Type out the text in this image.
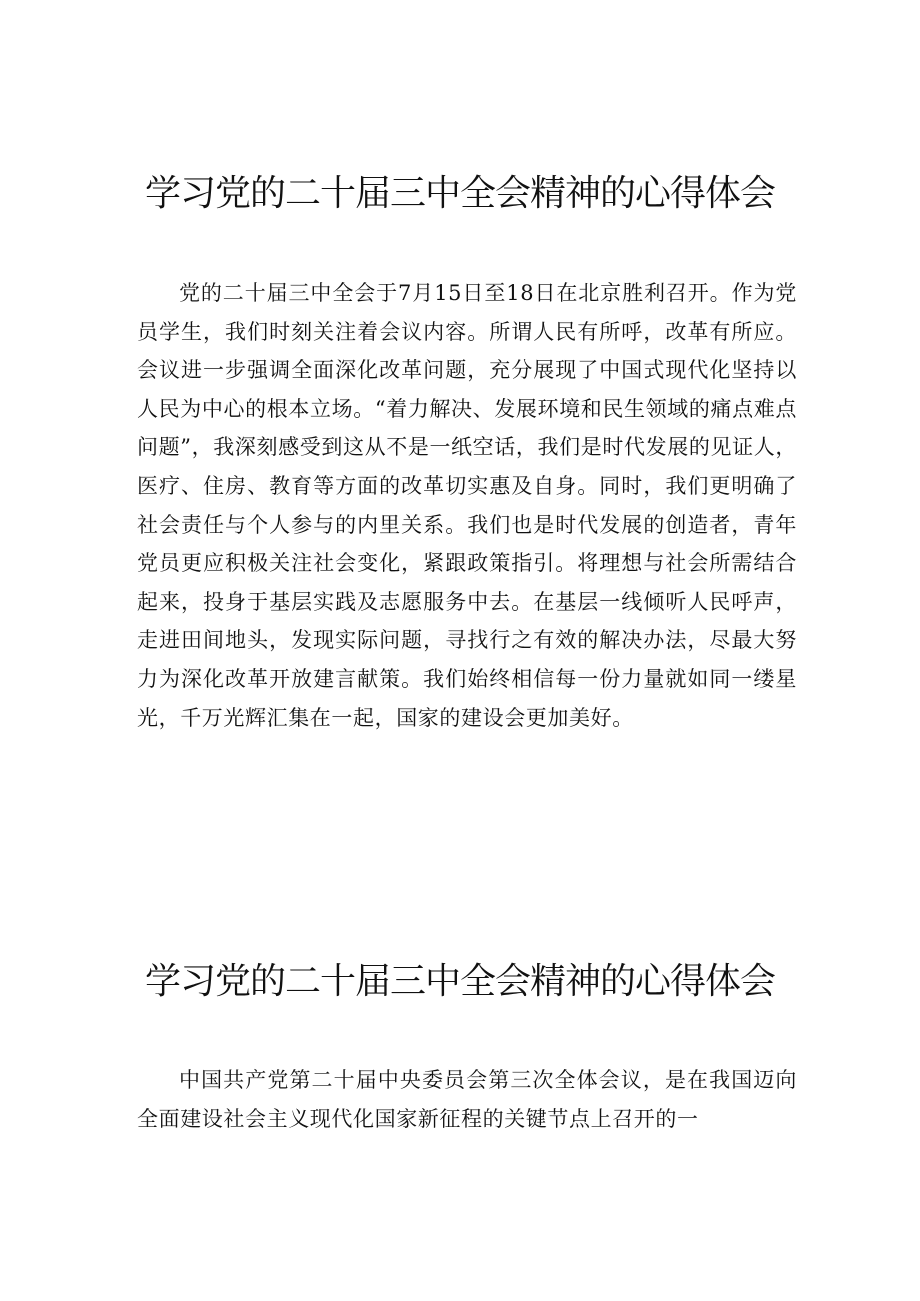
学习党的二十届三中全会精神的心得体会

党的二十届三中全会于7月15日至18日在北京胜利召开。作为党员学生，我们时刻关注着会议内容。所谓人民有所呼，改革有所应。会议进一步强调全面深化改革问题，充分展现了中国式现代化坚持以人民为中心的根本立场。“着力解决、发展环境和民生领域的痛点难点问题”，我深刻感受到这从不是一纸空话，我们是时代发展的见证人，医疗、住房、教育等方面的改革切实惠及自身。同时，我们更明确了社会责任与个人参与的内里关系。我们也是时代发展的创造者，青年党员更应积极关注社会变化，紧跟政策指引。将理想与社会所需结合起来，投身于基层实践及志愿服务中去。在基层一线倾听人民呼声，走进田间地头，发现实际问题，寻找行之有效的解决办法，尽最大努力为深化改革开放建言献策。我们始终相信每一份力量就如同一缕星光，千万光辉汇集在一起，国家的建设会更加美好。

学习党的二十届三中全会精神的心得体会

中国共产党第二十届中央委员会第三次全体会议，是在我国迈向全面建设社会主义现代化国家新征程的关键节点上召开的一
